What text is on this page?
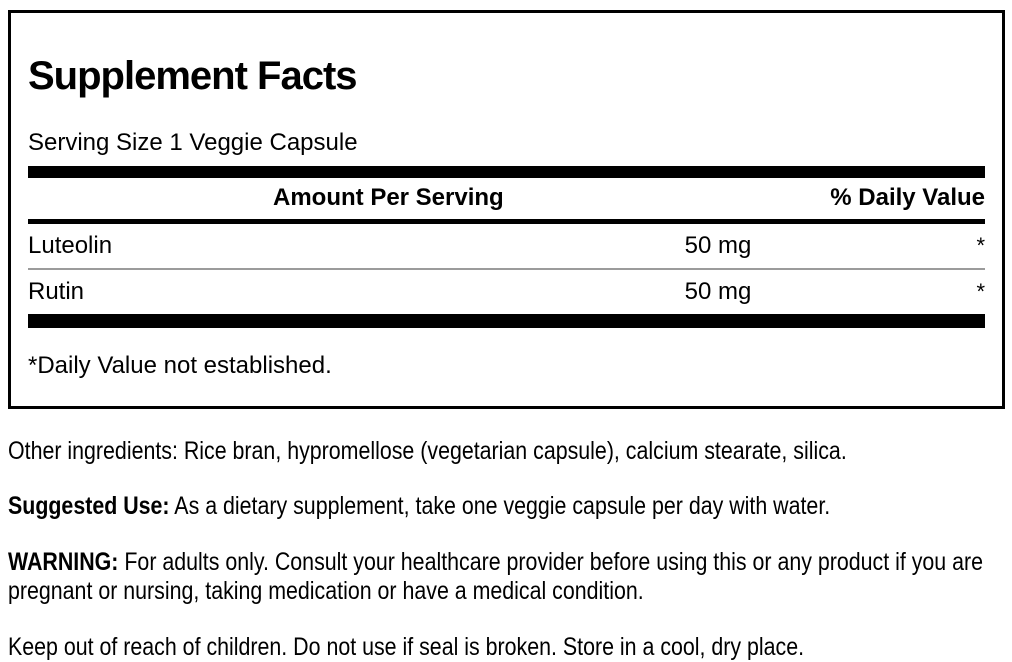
Supplement Facts
Serving Size 1 Veggie Capsule
Amount Per Serving	% Daily Value
Luteolin	50 mg	*
Rutin	50 mg	*
*Daily Value not established.

Other ingredients: Rice bran, hypromellose (vegetarian capsule), calcium stearate, silica.

Suggested Use: As a dietary supplement, take one veggie capsule per day with water.

WARNING: For adults only. Consult your healthcare provider before using this or any product if you are pregnant or nursing, taking medication or have a medical condition.

Keep out of reach of children. Do not use if seal is broken. Store in a cool, dry place.
